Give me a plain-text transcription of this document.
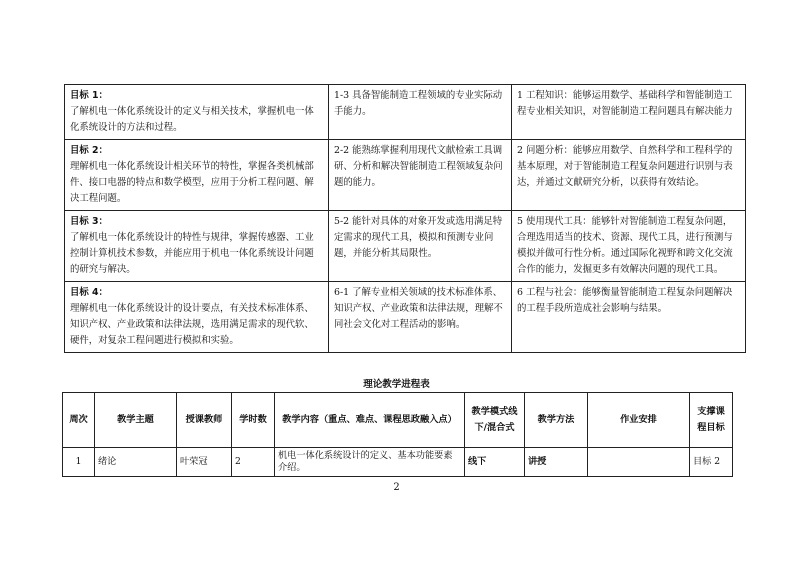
目标 1：
了解机电一体化系统设计的定义与相关技术，掌握机电一体化系统设计的方法和过程。	1-3 具备智能制造工程领域的专业实际动手能力。	1 工程知识：能够运用数学、基础科学和智能制造工程专业相关知识，对智能制造工程问题具有解决能力

目标 2：
理解机电一体化系统设计相关环节的特性，掌握各类机械部件、接口电器的特点和数学模型，应用于分析工程问题、解决工程问题。	2-2 能熟练掌握利用现代文献检索工具调研、分析和解决智能制造工程领域复杂问题的能力。	2 问题分析：能够应用数学、自然科学和工程科学的基本原理，对于智能制造工程复杂问题进行识别与表达，并通过文献研究分析，以获得有效结论。

目标 3：
了解机电一体化系统设计的特性与规律，掌握传感器、工业控制计算机技术参数，并能应用于机电一体化系统设计问题的研究与解决。	5-2 能针对具体的对象开发或选用满足特定需求的现代工具，模拟和预测专业问题，并能分析其局限性。	5 使用现代工具：能够针对智能制造工程复杂问题，合理选用适当的技术、资源、现代工具，进行预测与模拟并做可行性分析。通过国际化视野和跨文化交流合作的能力，发掘更多有效解决问题的现代工具。

目标 4：
理解机电一体化系统设计的设计要点，有关技术标准体系、知识产权、产业政策和法律法规，选用满足需求的现代软、硬件，对复杂工程问题进行模拟和实验。	6-1 了解专业相关领域的技术标准体系、知识产权、产业政策和法律法规，理解不同社会文化对工程活动的影响。	6 工程与社会：能够衡量智能制造工程复杂问题解决的工程手段所造成社会影响与结果。
理论教学进程表
周次	教学主题	授课教师	学时数	教学内容（重点、难点、课程思政融入点）	教学模式线下/混合式	教学方法	作业安排	支撑课程目标
1	绪论	叶荣冠	2	机电一体化系统设计的定义、基本功能要素介绍。	线下	讲授		目标 2
2
